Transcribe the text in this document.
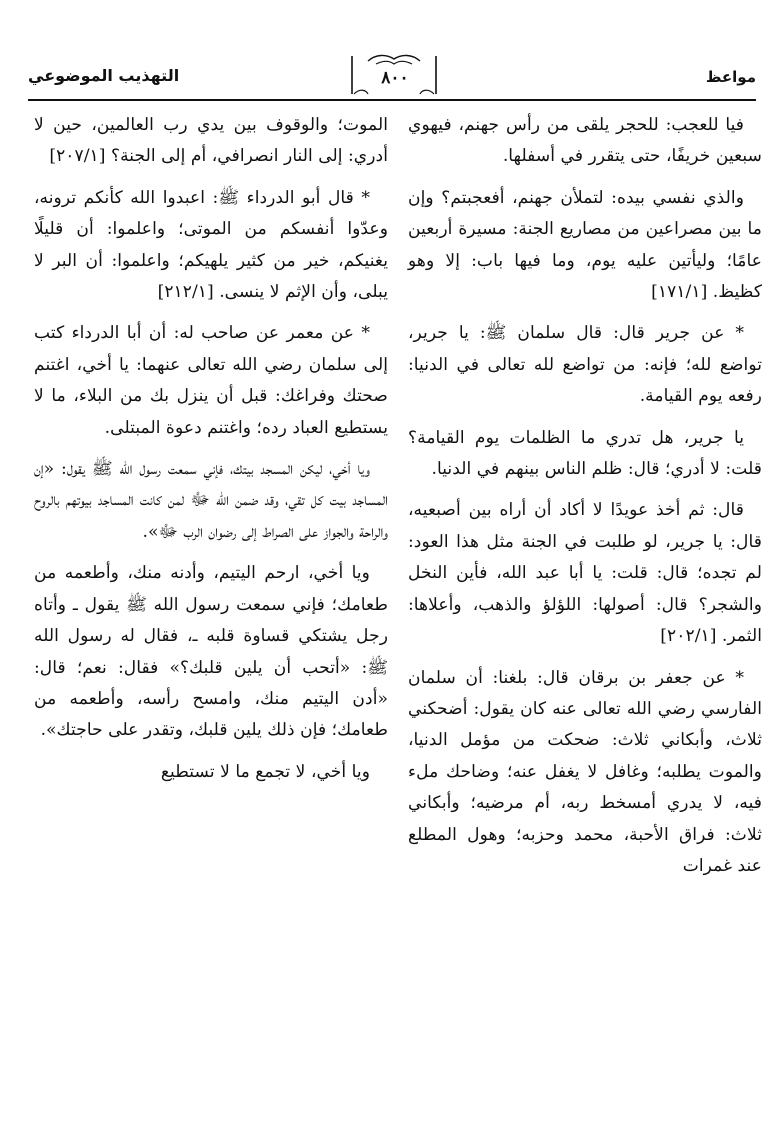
مواعظ
٨٠٠
التهذيب الموضوعي

فيا للعجب: للحجر يلقى من رأس جهنم، فيهوي سبعين خريفًا، حتى يتقرر في أسفلها.

والذي نفسي بيده: لتملأن جهنم، أفعجبتم؟ وإن ما بين مصراعين من مصاريع الجنة: مسيرة أربعين عامًا؛ وليأتين عليه يوم، وما فيها باب: إلا وهو كظيظ. [١٧١/١]

* عن جرير قال: قال سلمان ﷺ: يا جرير، تواضع لله؛ فإنه: من تواضع لله تعالى في الدنيا: رفعه يوم القيامة.

يا جرير، هل تدري ما الظلمات يوم القيامة؟ قلت: لا أدري؛ قال: ظلم الناس بينهم في الدنيا.

قال: ثم أخذ عويدًا لا أكاد أن أراه بين أصبعيه، قال: يا جرير، لو طلبت في الجنة مثل هذا العود: لم تجده؛ قال: قلت: يا أبا عبد الله، فأين النخل والشجر؟ قال: أصولها: اللؤلؤ والذهب، وأعلاها: الثمر. [٢٠٢/١]

* عن جعفر بن برقان قال: بلغنا: أن سلمان الفارسي رضي الله تعالى عنه كان يقول: أضحكني ثلاث، وأبكاني ثلاث: ضحكت من مؤمل الدنيا، والموت يطلبه؛ وغافل لا يغفل عنه؛ وضاحك ملء فيه، لا يدري أمسخط ربه، أم مرضيه؛ وأبكاني ثلاث: فراق الأحبة، محمد وحزبه؛ وهول المطلع عند غمرات

الموت؛ والوقوف بين يدي رب العالمين، حين لا أدري: إلى النار انصرافي، أم إلى الجنة؟ [٢٠٧/١]

* قال أبو الدرداء ﷺ: اعبدوا الله كأنكم ترونه، وعدّوا أنفسكم من الموتى؛ واعلموا: أن قليلًا يغنيكم، خير من كثير يلهيكم؛ واعلموا: أن البر لا يبلى، وأن الإثم لا ينسى. [٢١٢/١]

* عن معمر عن صاحب له: أن أبا الدرداء كتب إلى سلمان رضي الله تعالى عنهما: يا أخي، اغتنم صحتك وفراغك: قبل أن ينزل بك من البلاء، ما لا يستطيع العباد رده؛ واغتنم دعوة المبتلى.

ويا أخي، ليكن المسجد بيتك، فإني سمعت رسول الله ﷺ يقول: «إن المساجد بيت كل تقي، وقد ضمن الله ﷻ لمن كانت المساجد بيوتهم بالروح والراحة والجواز على الصراط إلى رضوان الرب ﷻ».

ويا أخي، ارحم اليتيم، وأدنه منك، وأطعمه من طعامك؛ فإني سمعت رسول الله ﷺ يقول ـ وأتاه رجل يشتكي قساوة قلبه ـ، فقال له رسول الله ﷺ: «أتحب أن يلين قلبك؟» فقال: نعم؛ قال: «أدن اليتيم منك، وامسح رأسه، وأطعمه من طعامك؛ فإن ذلك يلين قلبك، وتقدر على حاجتك».

ويا أخي، لا تجمع ما لا تستطيع
